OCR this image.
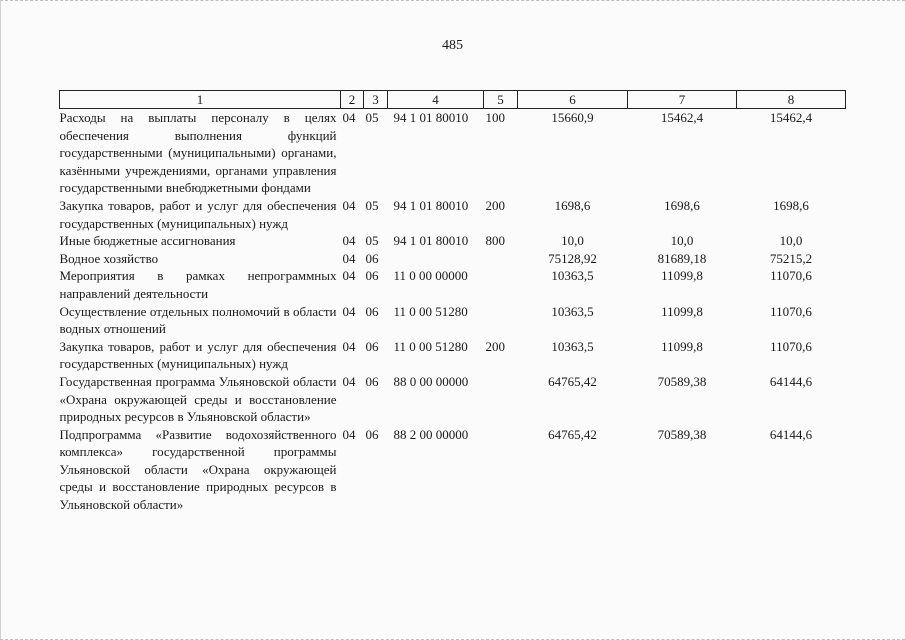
485
1	2	3	4	5	6	7	8
Расходы на выплаты персоналу в целях обеспечения выполнения функций государственными (муниципальными) органами, казёнными учреждениями, органами управления государственными внебюджетными фондами	04	05	94 1 01 80010	100	15660,9	15462,4	15462,4
Закупка товаров, работ и услуг для обеспечения государственных (муниципальных) нужд	04	05	94 1 01 80010	200	1698,6	1698,6	1698,6
Иные бюджетные ассигнования	04	05	94 1 01 80010	800	10,0	10,0	10,0
Водное хозяйство	04	06			75128,92	81689,18	75215,2
Мероприятия в рамках непрограммных направлений деятельности	04	06	11 0 00 00000		10363,5	11099,8	11070,6
Осуществление отдельных полномочий в области водных отношений	04	06	11 0 00 51280		10363,5	11099,8	11070,6
Закупка товаров, работ и услуг для обеспечения государственных (муниципальных) нужд	04	06	11 0 00 51280	200	10363,5	11099,8	11070,6
Государственная программа Ульяновской области «Охрана окружающей среды и восстановление природных ресурсов в Ульяновской области»	04	06	88 0 00 00000		64765,42	70589,38	64144,6
Подпрограмма «Развитие водохозяйственного комплекса» государственной программы Ульяновской области «Охрана окружающей среды и восстановление природных ресурсов в Ульяновской области»	04	06	88 2 00 00000		64765,42	70589,38	64144,6
